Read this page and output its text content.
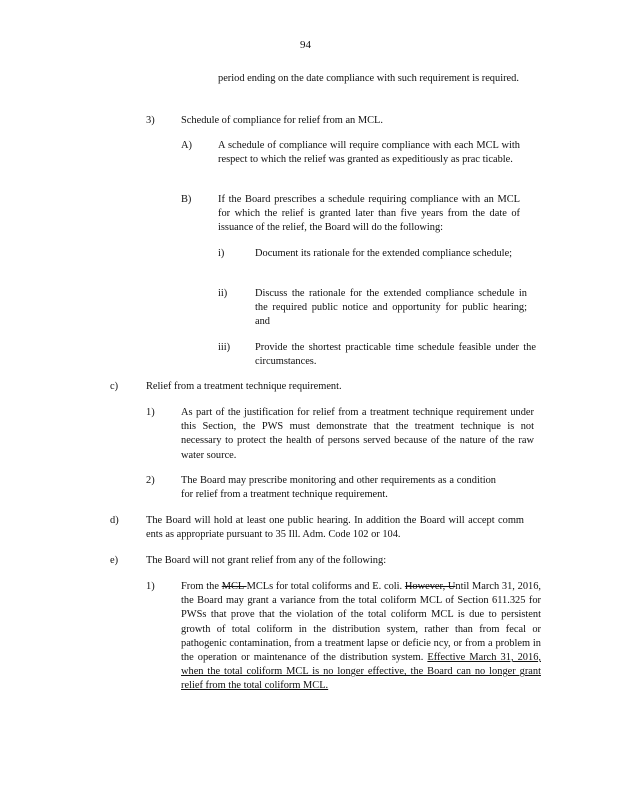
94
period ending on the date compliance with such requirement is required.
3)	Schedule of compliance for relief from an MCL.
A)	A schedule of compliance will require compliance with each MCL with respect to which the relief was granted as expeditiously as prac ticable.
B)	If the Board prescribes a schedule requiring compliance with an MCL for which the relief is granted later than five years from the date of issuance of the relief, the Board will do the following:
i)	Document its rationale for the extended compliance schedule;
ii)	Discuss the rationale for the extended compliance schedule in the required public notice and opportunity for public hearing; and
iii) Provide the shortest practicable time schedule feasible under the circumstances.
c)	Relief from a treatment technique requirement.
1)	As part of the justification for relief from a treatment technique requirement under this Section, the PWS must demonstrate that the treatment technique is not necessary to protect the health of persons served because of the nature of the raw water source.
2)	The Board may prescribe monitoring and other requirements as a condition for relief from a treatment technique requirement.
d)	The Board will hold at least one public hearing. In addition the Board will accept comm ents as appropriate pursuant to 35 Ill. Adm. Code 102 or 104.
e)	The Board will not grant relief from any of the following:
1)	From the MCL MCLs for total coliforms and E. coli. However, Until March 31, 2016, the Board may grant a variance from the total coliform MCL of Section 611.325 for PWSs that prove that the violation of the total coliform MCL is due to persistent growth of total coliform in the distribution system, rather than from fecal or pathogenic contamination, from a treatment lapse or deficie ncy, or from a problem in the operation or maintenance of the distribution system. Effective March 31, 2016, when the total coliform MCL is no longer effective, the Board can no longer grant relief from the total coliform MCL.
